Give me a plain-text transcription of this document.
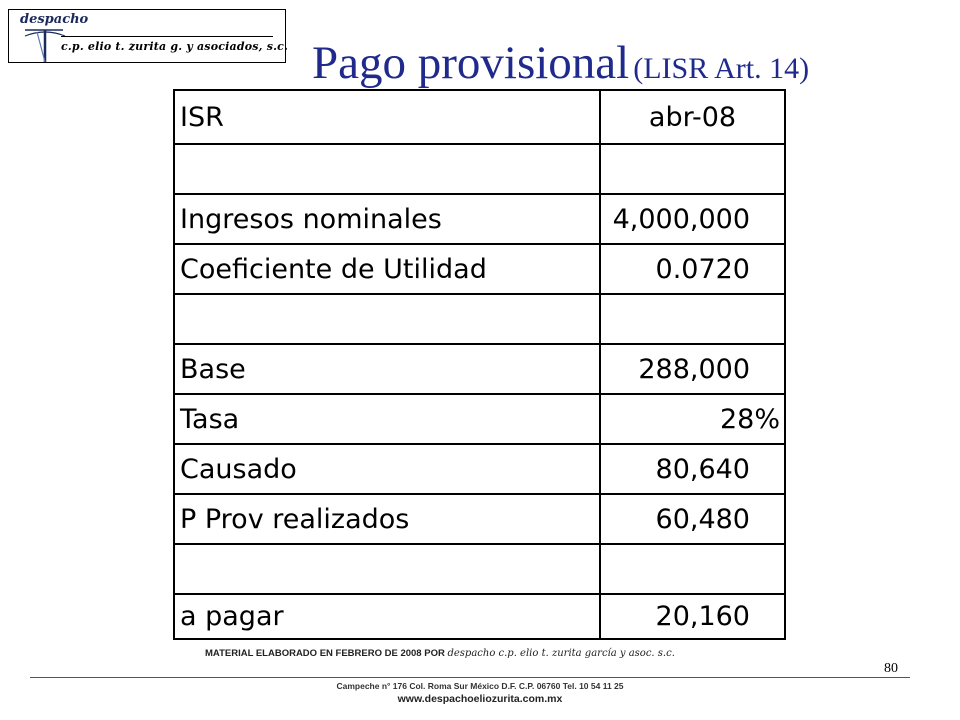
despacho
c.p. elio t. zurita g. y asociados, s.c. Pago provisional (LISR Art. 14)
ISR	abr-08
Ingresos nominales	4,000,000
Coeficiente de Utilidad	0.0720
Base	288,000
Tasa	28%
Causado	80,640
P Prov realizados	60,480
a pagar	20,160
MATERIAL ELABORADO EN FEBRERO DE 2008 POR despacho c.p. elio t. zurita garcía y asoc. s.c.
80
Campeche n° 176 Col. Roma Sur México D.F. C.P. 06760 Tel. 10 54 11 25
www.despachoeliozurita.com.mx
